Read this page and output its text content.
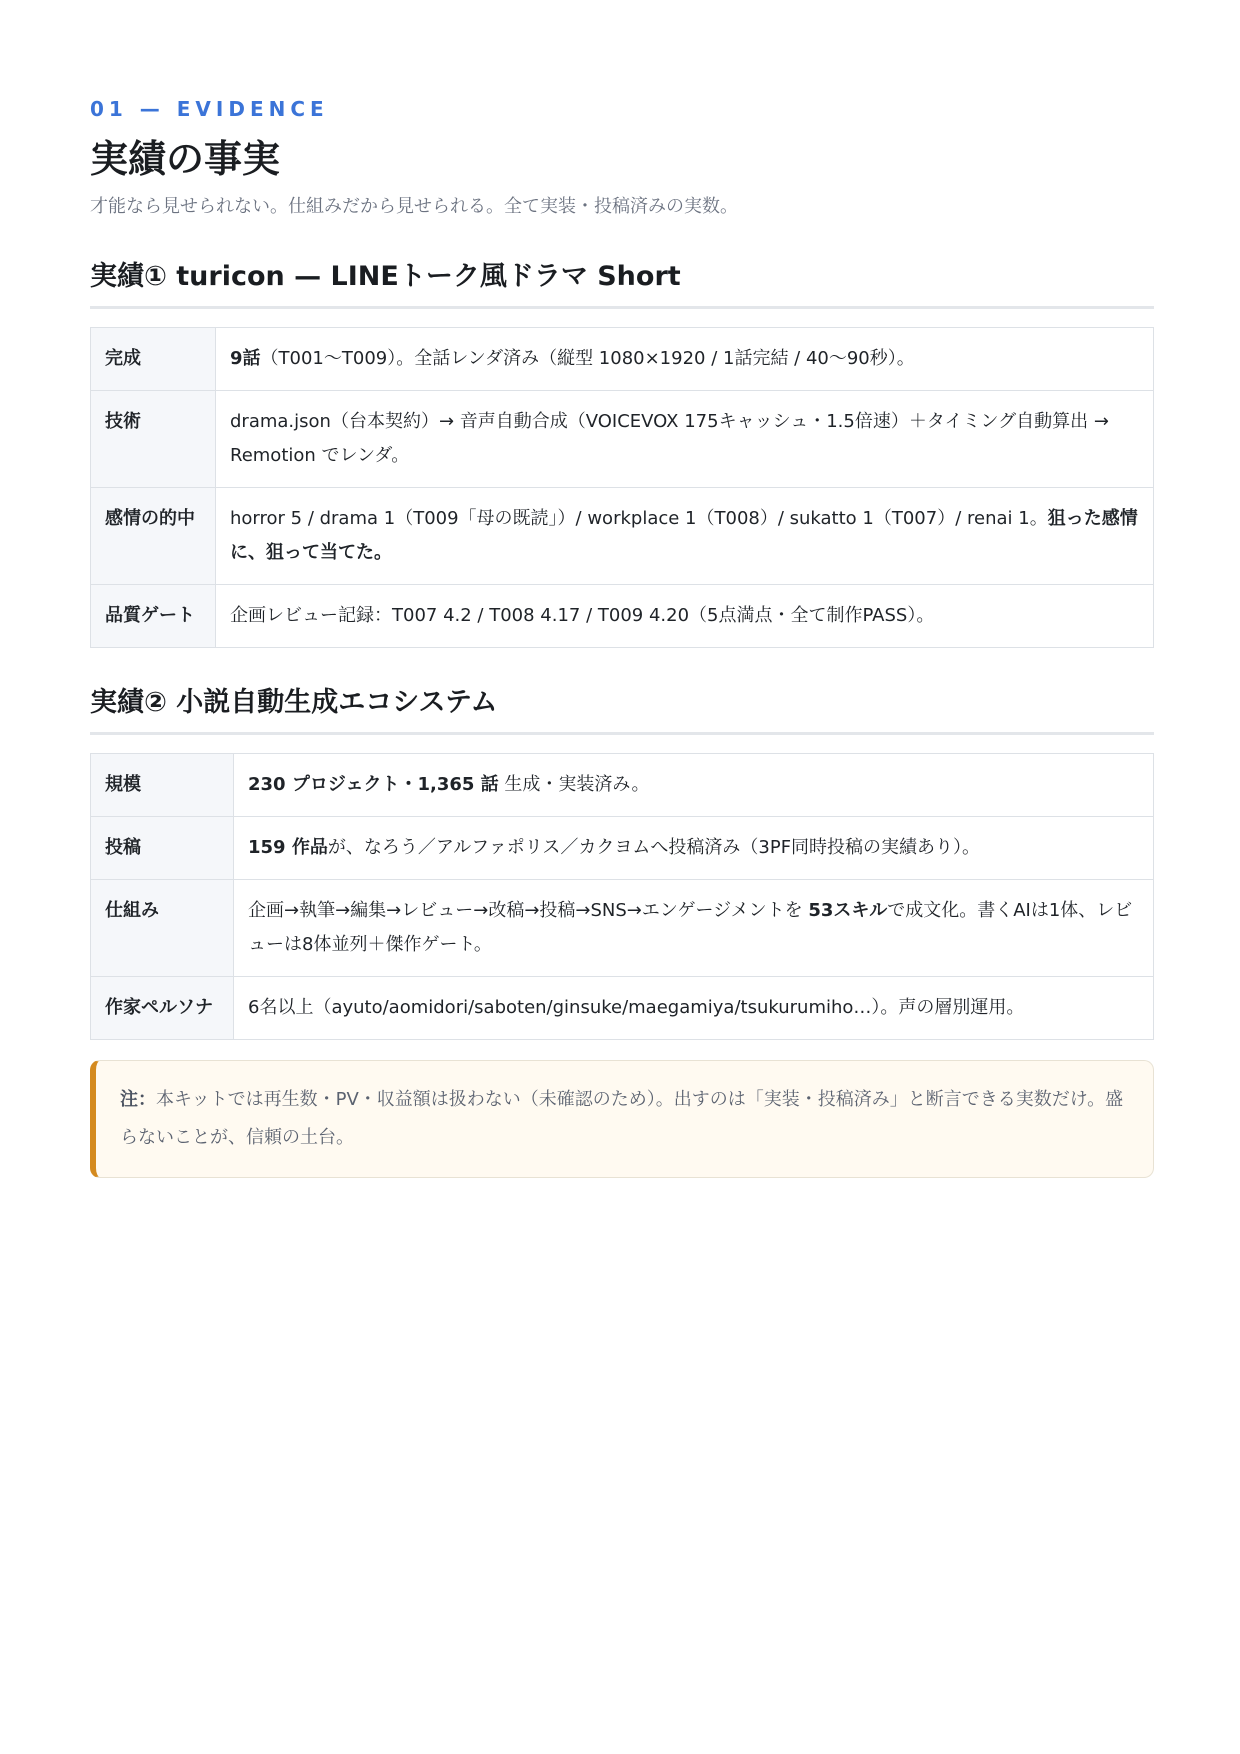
01 — EVIDENCE

実績の事実

才能なら見せられない。仕組みだから見せられる。全て実装・投稿済みの実数。

実績① turicon — LINEトーク風ドラマ Short
完成	9話（T001〜T009）。全話レンダ済み（縦型 1080×1920 / 1話完結 / 40〜90秒）。
技術	drama.json（台本契約）→ 音声自動合成（VOICEVOX 175キャッシュ・1.5倍速）＋タイミング自動算出 → Remotion でレンダ。
感情の的中	horror 5 / drama 1（T009「母の既読」）/ workplace 1（T008）/ sukatto 1（T007）/ renai 1。狙った感情に、狙って当てた。
品質ゲート	企画レビュー記録：T007 4.2 / T008 4.17 / T009 4.20（5点満点・全て制作PASS）。
実績② 小説自動生成エコシステム
規模	230 プロジェクト・1,365 話 生成・実装済み。
投稿	159 作品が、なろう／アルファポリス／カクヨムへ投稿済み（3PF同時投稿の実績あり）。
仕組み	企画→執筆→編集→レビュー→改稿→投稿→SNS→エンゲージメントを 53スキルで成文化。書くAIは1体、レビューは8体並列＋傑作ゲート。
作家ペルソナ	6名以上（ayuto/aomidori/saboten/ginsuke/maegamiya/tsukurumiho…）。声の層別運用。
注：本キットでは再生数・PV・収益額は扱わない（未確認のため）。出すのは「実装・投稿済み」と断言できる実数だけ。盛らないことが、信頼の土台。
